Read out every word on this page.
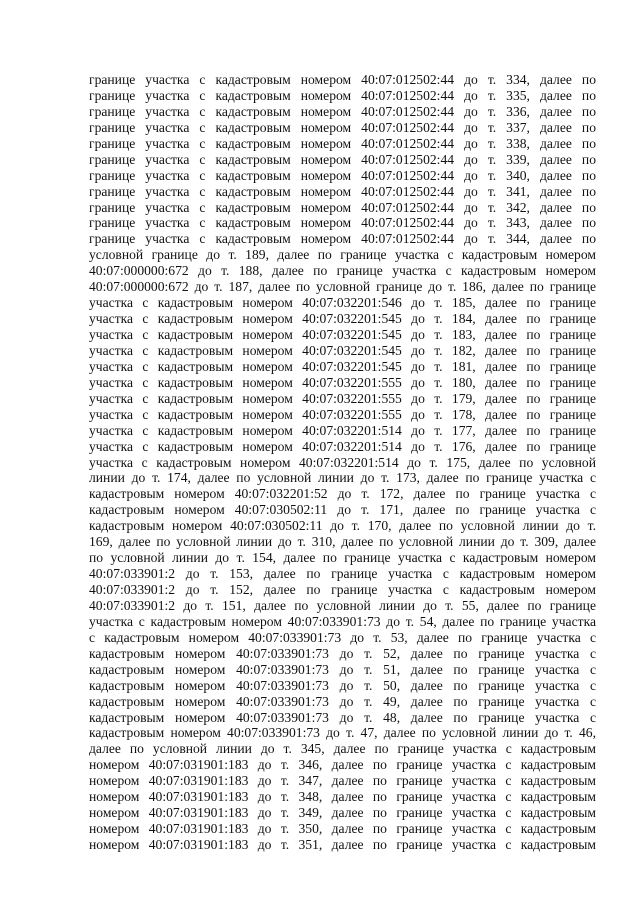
границе участка с кадастровым номером 40:07:012502:44 до т. 334, далее по
границе участка с кадастровым номером 40:07:012502:44 до т. 335, далее по
границе участка с кадастровым номером 40:07:012502:44 до т. 336, далее по
границе участка с кадастровым номером 40:07:012502:44 до т. 337, далее по
границе участка с кадастровым номером 40:07:012502:44 до т. 338, далее по
границе участка с кадастровым номером 40:07:012502:44 до т. 339, далее по
границе участка с кадастровым номером 40:07:012502:44 до т. 340, далее по
границе участка с кадастровым номером 40:07:012502:44 до т. 341, далее по
границе участка с кадастровым номером 40:07:012502:44 до т. 342, далее по
границе участка с кадастровым номером 40:07:012502:44 до т. 343, далее по
границе участка с кадастровым номером 40:07:012502:44 до т. 344, далее по
условной границе до т. 189, далее по границе участка с кадастровым номером
40:07:000000:672 до т. 188, далее по границе участка с кадастровым номером
40:07:000000:672 до т. 187, далее по условной границе до т. 186, далее по границе
участка с кадастровым номером 40:07:032201:546 до т. 185, далее по границе
участка с кадастровым номером 40:07:032201:545 до т. 184, далее по границе
участка с кадастровым номером 40:07:032201:545 до т. 183, далее по границе
участка с кадастровым номером 40:07:032201:545 до т. 182, далее по границе
участка с кадастровым номером 40:07:032201:545 до т. 181, далее по границе
участка с кадастровым номером 40:07:032201:555 до т. 180, далее по границе
участка с кадастровым номером 40:07:032201:555 до т. 179, далее по границе
участка с кадастровым номером 40:07:032201:555 до т. 178, далее по границе
участка с кадастровым номером 40:07:032201:514 до т. 177, далее по границе
участка с кадастровым номером 40:07:032201:514 до т. 176, далее по границе
участка с кадастровым номером 40:07:032201:514 до т. 175, далее по условной
линии до т. 174, далее по условной линии до т. 173, далее по границе участка с
кадастровым номером 40:07:032201:52 до т. 172, далее по границе участка с
кадастровым номером 40:07:030502:11 до т. 171, далее по границе участка с
кадастровым номером 40:07:030502:11 до т. 170, далее по условной линии до т.
169, далее по условной линии до т. 310, далее по условной линии до т. 309, далее
по условной линии до т. 154, далее по границе участка с кадастровым номером
40:07:033901:2 до т. 153, далее по границе участка с кадастровым номером
40:07:033901:2 до т. 152, далее по границе участка с кадастровым номером
40:07:033901:2 до т. 151, далее по условной линии до т. 55, далее по границе
участка с кадастровым номером 40:07:033901:73 до т. 54, далее по границе участка
с кадастровым номером 40:07:033901:73 до т. 53, далее по границе участка с
кадастровым номером 40:07:033901:73 до т. 52, далее по границе участка с
кадастровым номером 40:07:033901:73 до т. 51, далее по границе участка с
кадастровым номером 40:07:033901:73 до т. 50, далее по границе участка с
кадастровым номером 40:07:033901:73 до т. 49, далее по границе участка с
кадастровым номером 40:07:033901:73 до т. 48, далее по границе участка с
кадастровым номером 40:07:033901:73 до т. 47, далее по условной линии до т. 46,
далее по условной линии до т. 345, далее по границе участка с кадастровым
номером 40:07:031901:183 до т. 346, далее по границе участка с кадастровым
номером 40:07:031901:183 до т. 347, далее по границе участка с кадастровым
номером 40:07:031901:183 до т. 348, далее по границе участка с кадастровым
номером 40:07:031901:183 до т. 349, далее по границе участка с кадастровым
номером 40:07:031901:183 до т. 350, далее по границе участка с кадастровым
номером 40:07:031901:183 до т. 351, далее по границе участка с кадастровым
